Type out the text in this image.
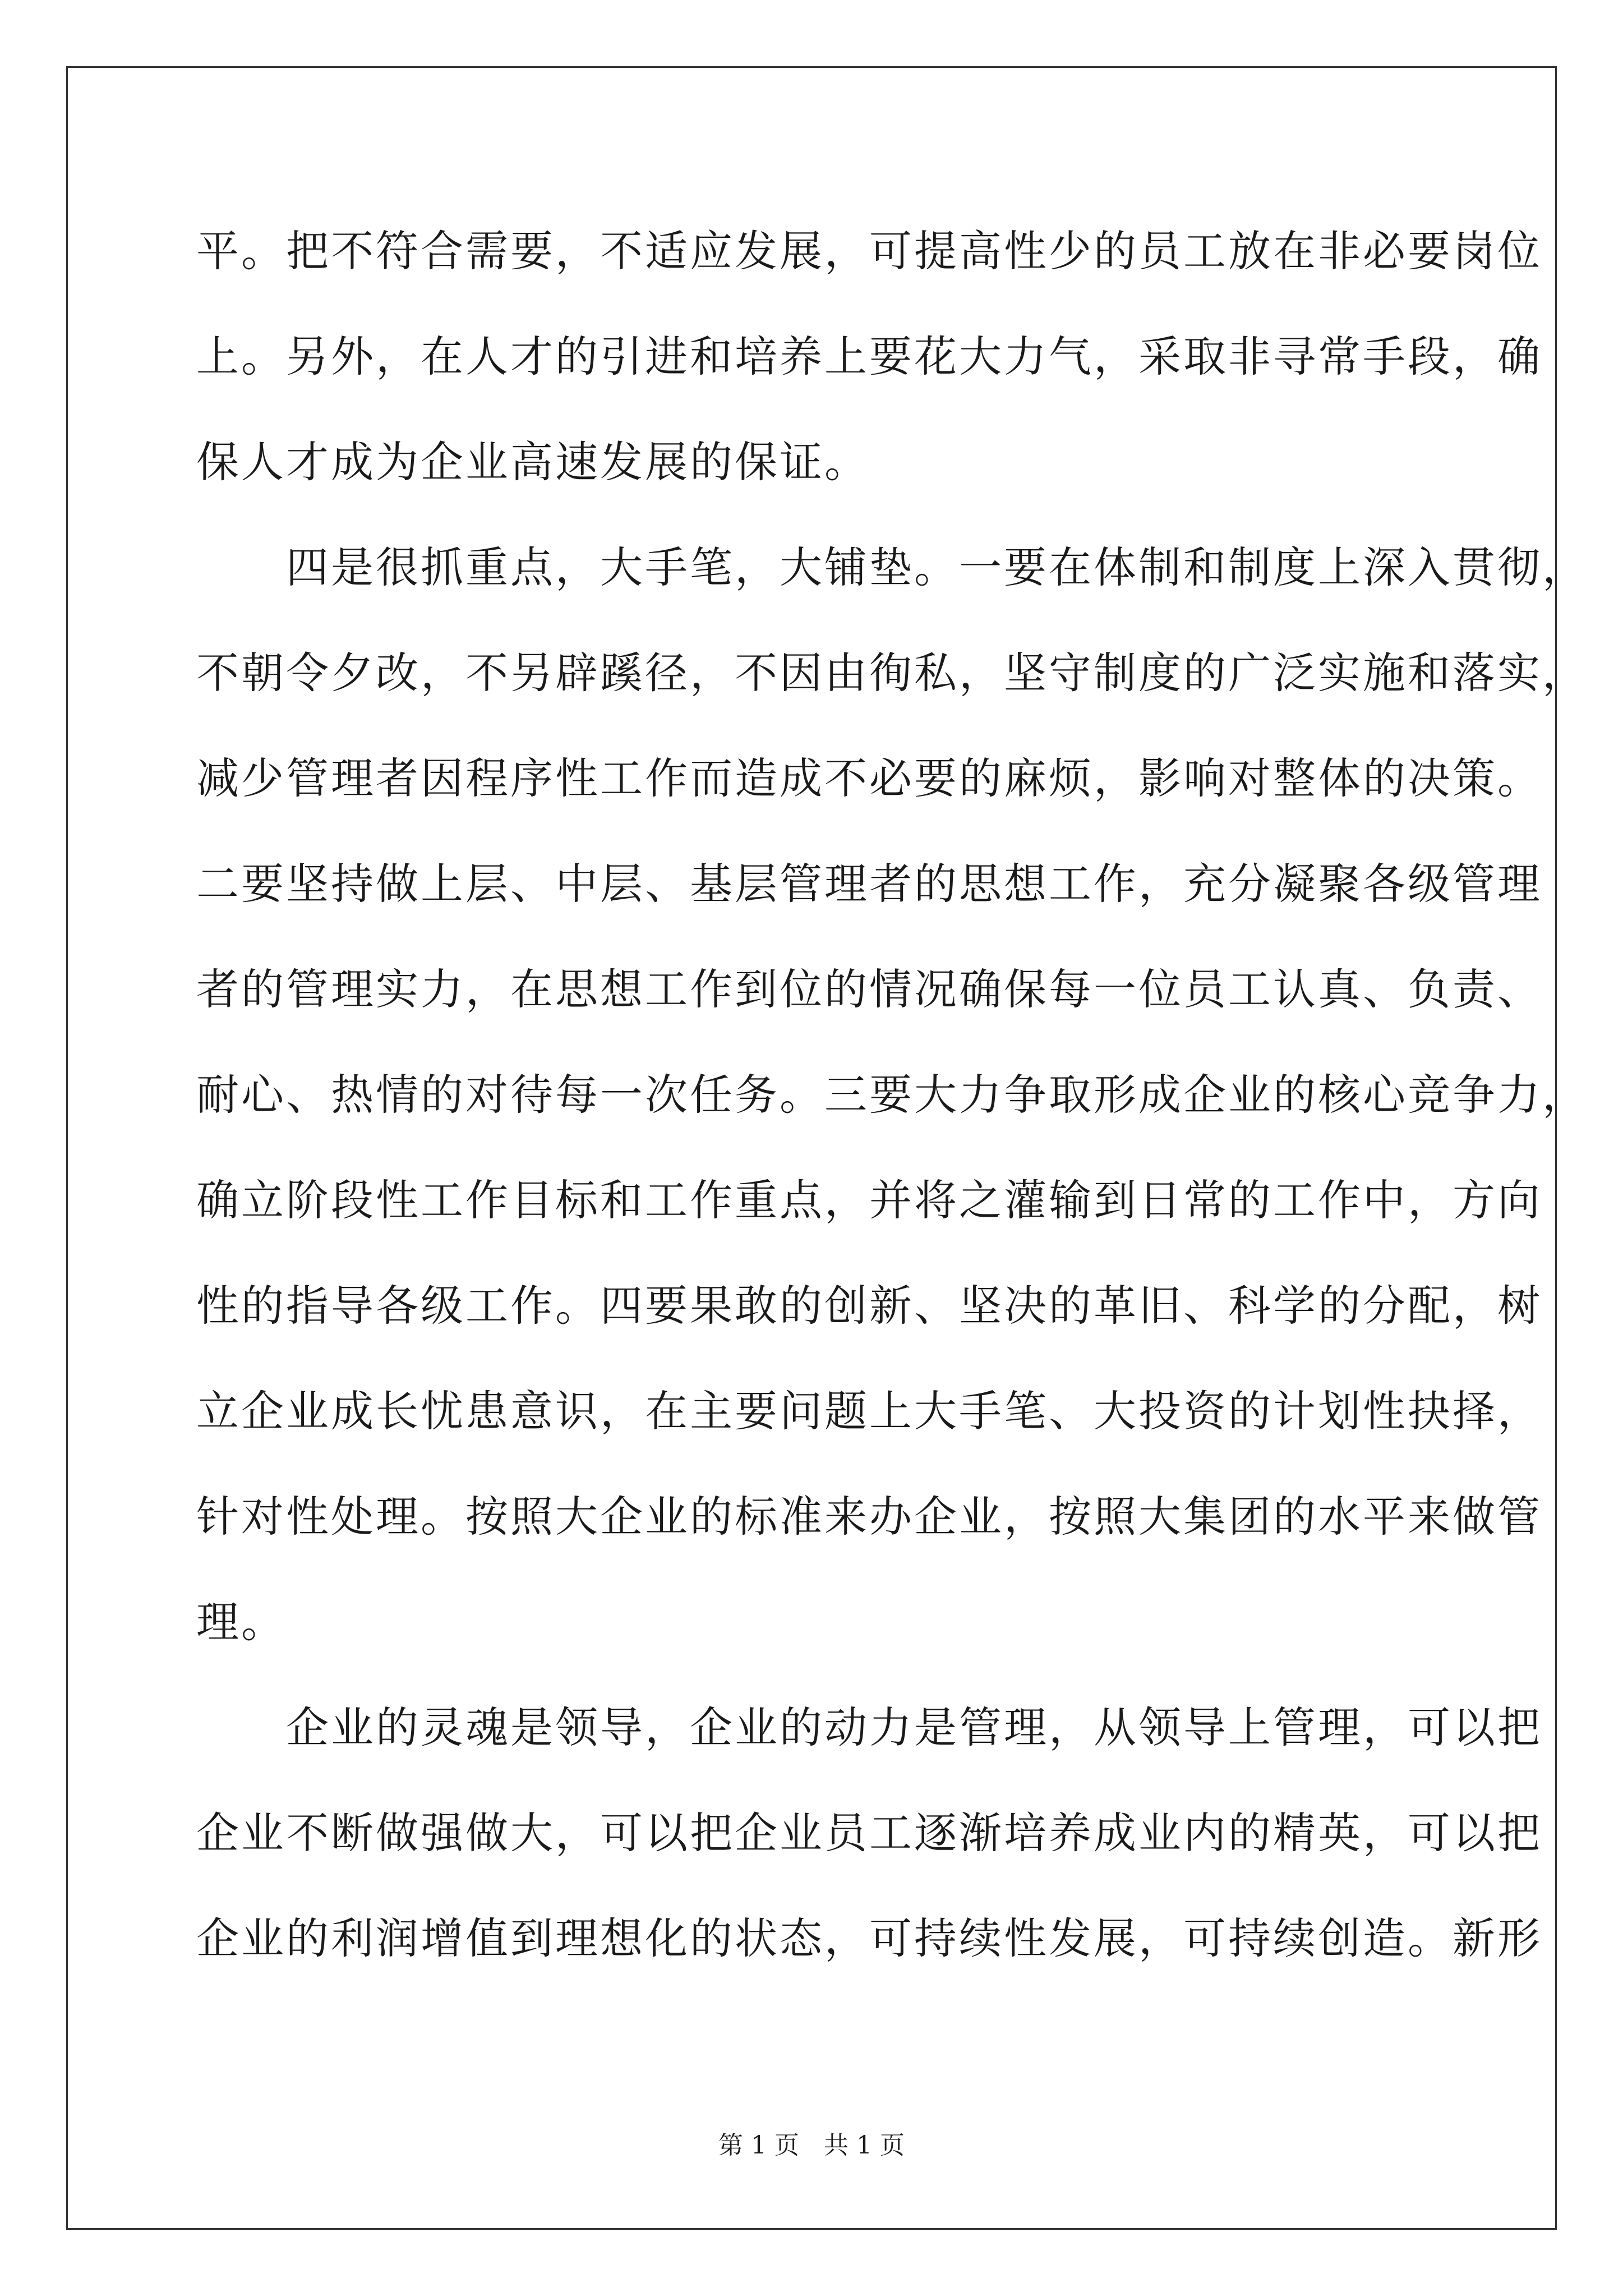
平。把不符合需要，不适应发展，可提高性少的员工放在非必要岗位
上。另外，在人才的引进和培养上要花大力气，采取非寻常手段，确
保人才成为企业高速发展的保证。
　　四是很抓重点，大手笔，大铺垫。一要在体制和制度上深入贯彻，
不朝令夕改，不另辟蹊径，不因由徇私，坚守制度的广泛实施和落实，
减少管理者因程序性工作而造成不必要的麻烦，影响对整体的决策。
二要坚持做上层、中层、基层管理者的思想工作，充分凝聚各级管理
者的管理实力，在思想工作到位的情况确保每一位员工认真、负责、
耐心、热情的对待每一次任务。三要大力争取形成企业的核心竞争力，
确立阶段性工作目标和工作重点，并将之灌输到日常的工作中，方向
性的指导各级工作。四要果敢的创新、坚决的革旧、科学的分配，树
立企业成长忧患意识，在主要问题上大手笔、大投资的计划性抉择，
针对性处理。按照大企业的标准来办企业，按照大集团的水平来做管
理。
　　企业的灵魂是领导，企业的动力是管理，从领导上管理，可以把
企业不断做强做大，可以把企业员工逐渐培养成业内的精英，可以把
企业的利润增值到理想化的状态，可持续性发展，可持续创造。新形
第 1 页　共 1 页
